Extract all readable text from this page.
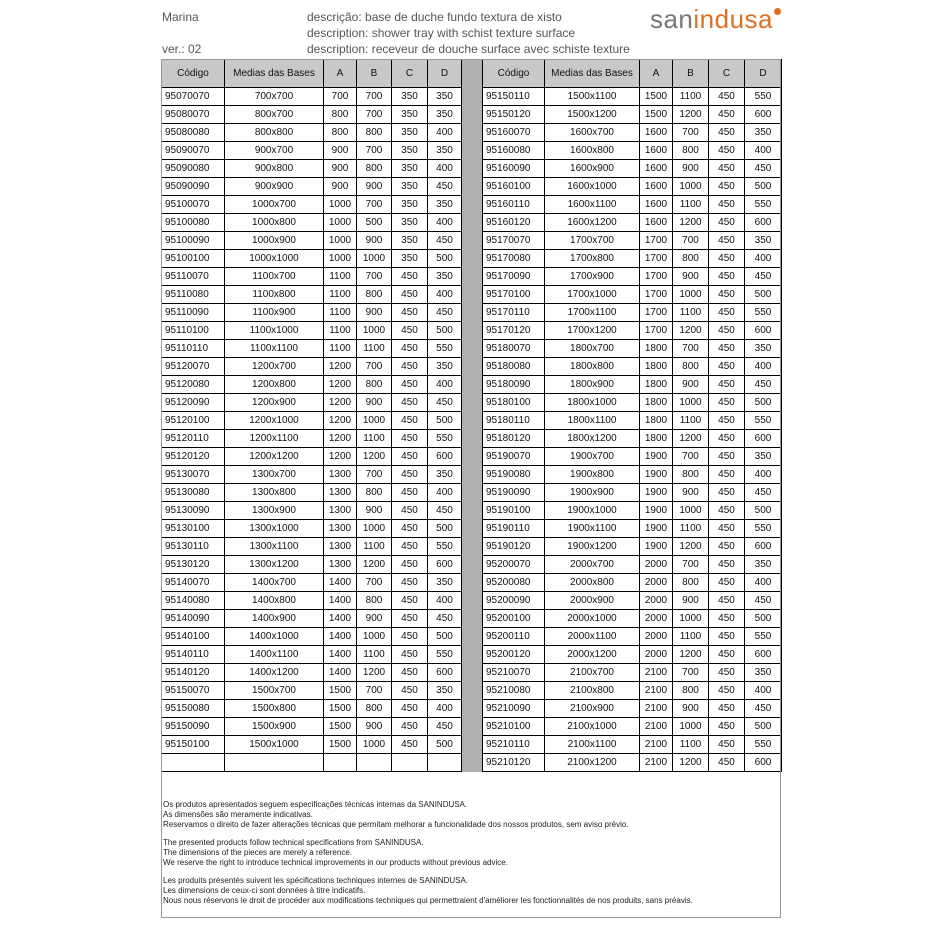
Marina
ver.: 02
descrição: base de duche fundo textura de xisto
description: shower tray with schist texture surface
description: receveur de douche surface avec schiste texture
sanindusa
Código	Medias das Bases	A	B	C	D		Código	Medias das Bases	A	B	C	D
95070070	700x700	700	700	350	350		95150110	1500x1100	1500	1100	450	550
95080070	800x700	800	700	350	350		95150120	1500x1200	1500	1200	450	600
95080080	800x800	800	800	350	400		95160070	1600x700	1600	700	450	350
95090070	900x700	900	700	350	350		95160080	1600x800	1600	800	450	400
95090080	900x800	900	800	350	400		95160090	1600x900	1600	900	450	450
95090090	900x900	900	900	350	450		95160100	1600x1000	1600	1000	450	500
95100070	1000x700	1000	700	350	350		95160110	1600x1100	1600	1100	450	550
95100080	1000x800	1000	500	350	400		95160120	1600x1200	1600	1200	450	600
95100090	1000x900	1000	900	350	450		95170070	1700x700	1700	700	450	350
95100100	1000x1000	1000	1000	350	500		95170080	1700x800	1700	800	450	400
95110070	1100x700	1100	700	450	350		95170090	1700x900	1700	900	450	450
95110080	1100x800	1100	800	450	400		95170100	1700x1000	1700	1000	450	500
95110090	1100x900	1100	900	450	450		95170110	1700x1100	1700	1100	450	550
95110100	1100x1000	1100	1000	450	500		95170120	1700x1200	1700	1200	450	600
95110110	1100x1100	1100	1100	450	550		95180070	1800x700	1800	700	450	350
95120070	1200x700	1200	700	450	350		95180080	1800x800	1800	800	450	400
95120080	1200x800	1200	800	450	400		95180090	1800x900	1800	900	450	450
95120090	1200x900	1200	900	450	450		95180100	1800x1000	1800	1000	450	500
95120100	1200x1000	1200	1000	450	500		95180110	1800x1100	1800	1100	450	550
95120110	1200x1100	1200	1100	450	550		95180120	1800x1200	1800	1200	450	600
95120120	1200x1200	1200	1200	450	600		95190070	1900x700	1900	700	450	350
95130070	1300x700	1300	700	450	350		95190080	1900x800	1900	800	450	400
95130080	1300x800	1300	800	450	400		95190090	1900x900	1900	900	450	450
95130090	1300x900	1300	900	450	450		95190100	1900x1000	1900	1000	450	500
95130100	1300x1000	1300	1000	450	500		95190110	1900x1100	1900	1100	450	550
95130110	1300x1100	1300	1100	450	550		95190120	1900x1200	1900	1200	450	600
95130120	1300x1200	1300	1200	450	600		95200070	2000x700	2000	700	450	350
95140070	1400x700	1400	700	450	350		95200080	2000x800	2000	800	450	400
95140080	1400x800	1400	800	450	400		95200090	2000x900	2000	900	450	450
95140090	1400x900	1400	900	450	450		95200100	2000x1000	2000	1000	450	500
95140100	1400x1000	1400	1000	450	500		95200110	2000x1100	2000	1100	450	550
95140110	1400x1100	1400	1100	450	550		95200120	2000x1200	2000	1200	450	600
95140120	1400x1200	1400	1200	450	600		95210070	2100x700	2100	700	450	350
95150070	1500x700	1500	700	450	350		95210080	2100x800	2100	800	450	400
95150080	1500x800	1500	800	450	400		95210090	2100x900	2100	900	450	450
95150090	1500x900	1500	900	450	450		95210100	2100x1000	2100	1000	450	500
95150100	1500x1000	1500	1000	450	500		95210110	2100x1100	2100	1100	450	550
							95210120	2100x1200	2100	1200	450	600

Os produtos apresentados seguem especificações técnicas internas da SANINDUSA.
As dimensões são meramente indicativas.
Reservamos o direito de fazer alterações técnicas que permitam melhorar a funcionalidade dos nossos produtos, sem aviso prévio.

The presented products follow technical specifications from SANINDUSA.
The dimensions of the pieces are merely a reference.
We reserve the right to introduce technical improvements in our products without previous advice.

Les produits présentés suivent les spécifications techniques internes de SANINDUSA.
Les dimensions de ceux-ci sont données à titre indicatifs.
Nous nous réservons le droit de procéder aux modifications techniques qui permettraient d'améliorer les fonctionnalités de nos produits, sans préavis.
